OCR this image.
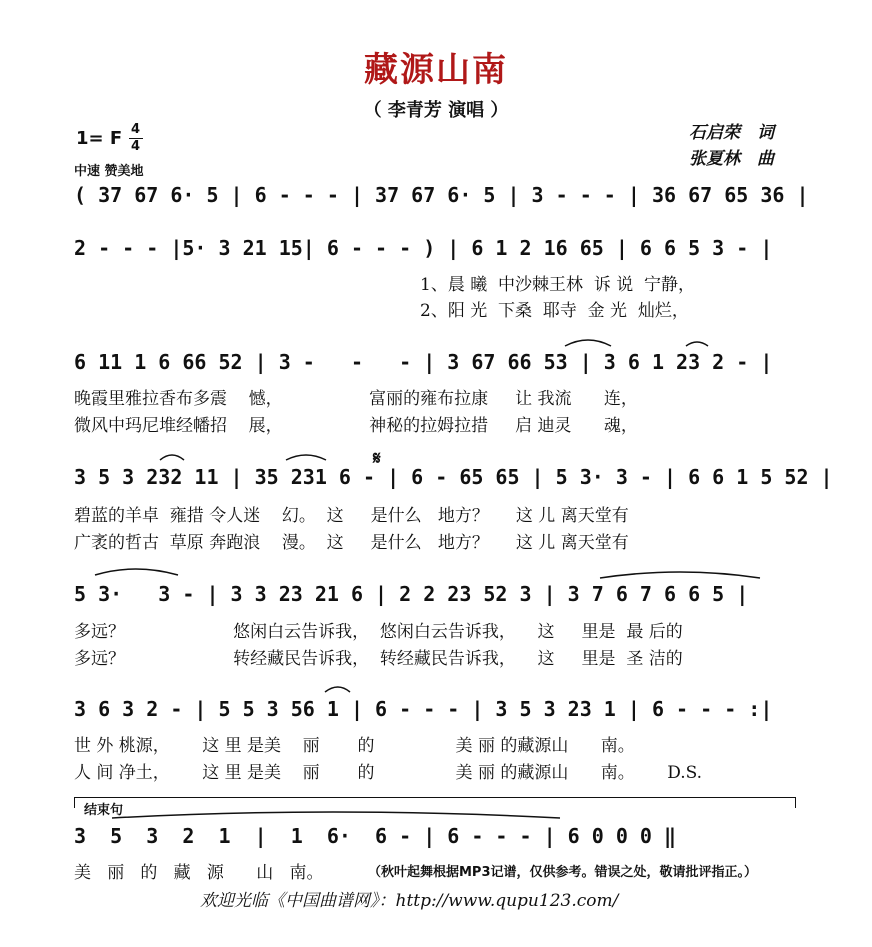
藏源山南
（ 李青芳 演唱 ）
石启荣　词
张夏林　曲
1= F 4
4
中速 赞美地
( 37 67 6· 5 | 6 - - - | 37 67 6· 5 | 3 - - - | 36 67 65 36 |
2 - - - |5· 3 21 15| 6 - - - ) | 6 1 2 16 65 | 6 6 5 3 - |
1、晨 曦  中沙棘王林  诉 说  宁静，
2、阳 光  下桑  耶寺  金 光  灿烂，
6 11 1 6 66 52 | 3 -   -   - | 3 67 66 53 | 3 6 1 23 2 - |
晚霞里雅拉香布多震    憾，                富丽的雍布拉康     让 我流      连，
微风中玛尼堆经幡招    展，                神秘的拉姆拉措     启 迪灵      魂，
𝄋
3 5 3 232 11 | 35 231 6 - | 6 - 65 65 | 5 3· 3 - | 6 6 1 5 52 |
碧蓝的羊卓  雍措 令人迷    幻。  这     是什么   地方？     这 儿 离天堂有
广袤的哲古  草原 奔跑浪    漫。  这     是什么   地方？     这 儿 离天堂有
5 3·   3 - | 3 3 23 21 6 | 2 2 23 52 3 | 3 7 6 7 6 6 5 |
多远？                    悠闲白云告诉我，  悠闲白云告诉我，    这     里是  最 后的
多远？                    转经藏民告诉我，  转经藏民告诉我，    这     里是  圣 洁的
3 6 3 2 - | 5 5 3 56 1 | 6 - - - | 3 5 3 23 1 | 6 - - - :|
世 外 桃源，      这 里 是美    丽       的               美 丽 的藏源山      南。
人 间 净土，      这 里 是美    丽       的               美 丽 的藏源山      南。      D.S.
结束句
3  5  3  2  1  |  1  6·  6 - | 6 - - - | 6 0 0 0 ‖
美   丽   的   藏   源      山   南。	（秋叶起舞根据MP3记谱，仅供参考。错误之处，敬请批评指正。）
欢迎光临《中国曲谱网》：http://www.qupu123.com/
